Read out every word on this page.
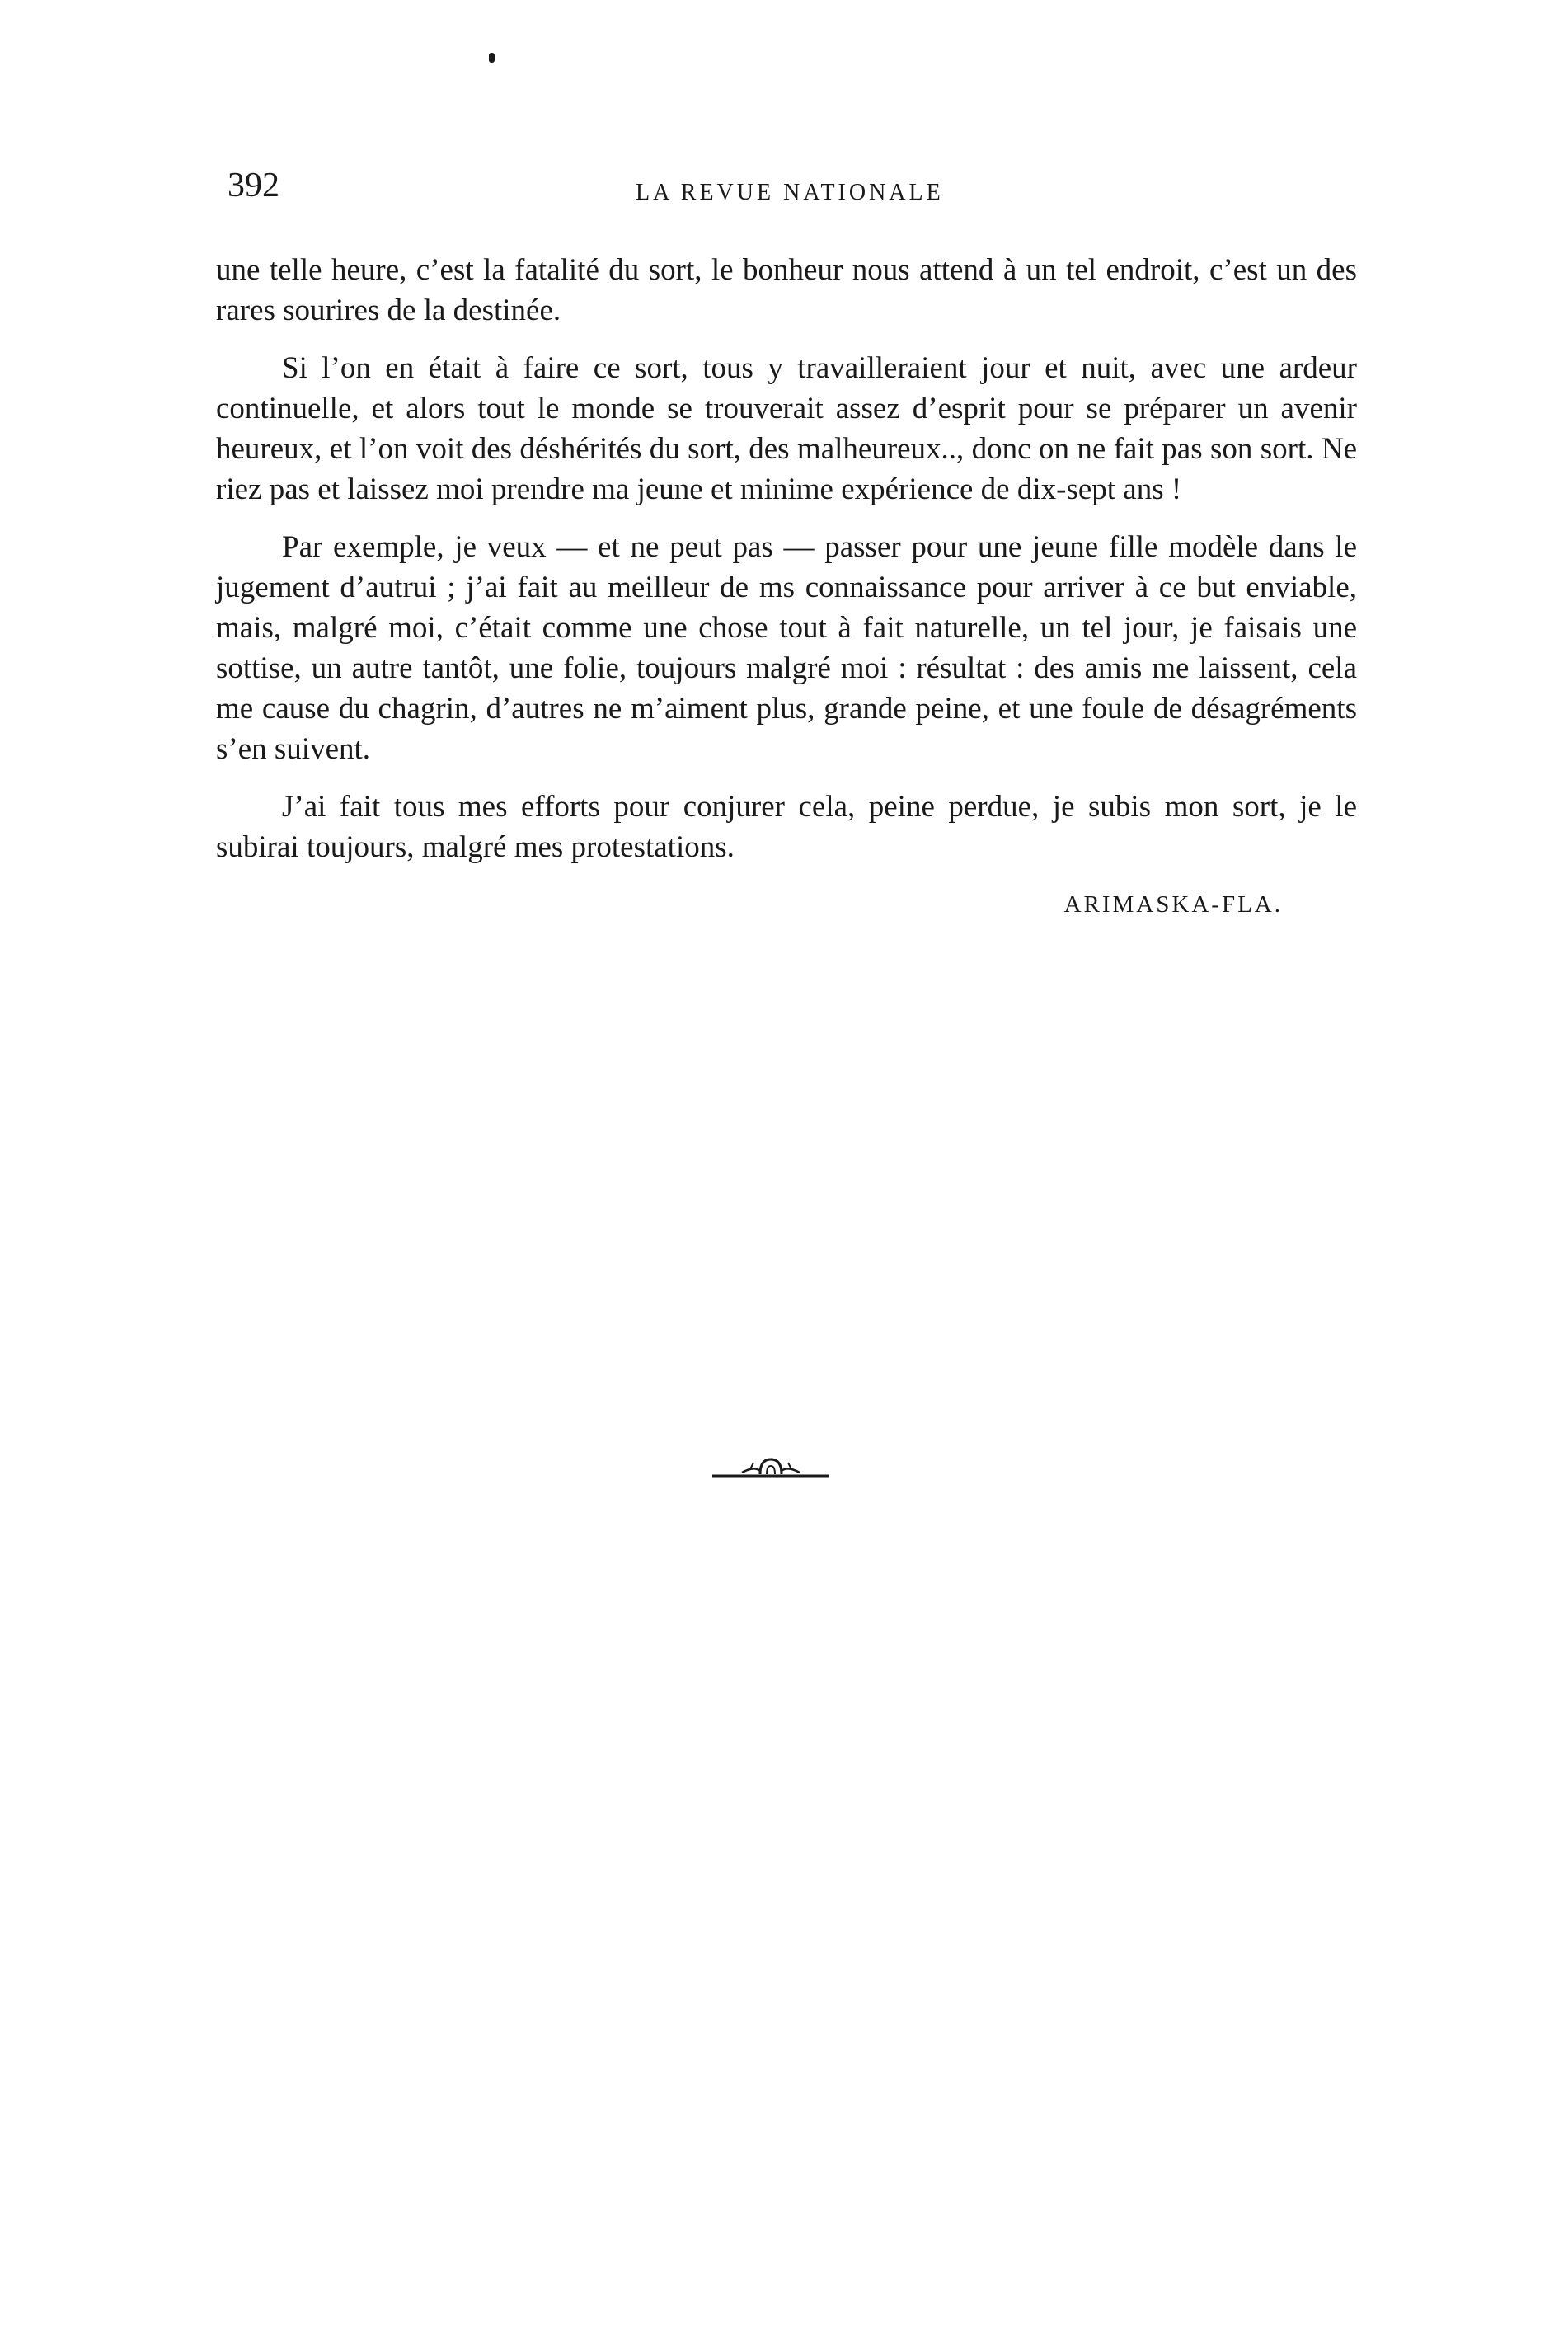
392	LA REVUE NATIONALE

une telle heure, c’est la fatalité du sort, le bonheur nous attend à un tel endroit, c’est un des rares sourires de la destinée.

Si l’on en était à faire ce sort, tous y travailleraient jour et nuit, avec une ardeur continuelle, et alors tout le monde se trouverait assez d’esprit pour se préparer un avenir heureux, et l’on voit des déshérités du sort, des malheureux.., donc on ne fait pas son sort. Ne riez pas et laissez moi prendre ma jeune et minime expérience de dix-sept ans !

Par exemple, je veux — et ne peut pas — passer pour une jeune fille modèle dans le jugement d’autrui ; j’ai fait au meilleur de ms connaissance pour arriver à ce but enviable, mais, malgré moi, c’était comme une chose tout à fait naturelle, un tel jour, je faisais une sottise, un autre tantôt, une folie, toujours malgré moi : résultat : des amis me laissent, cela me cause du chagrin, d’autres ne m’aiment plus, grande peine, et une foule de désagréments s’en suivent.

J’ai fait tous mes efforts pour conjurer cela, peine perdue, je subis mon sort, je le subirai toujours, malgré mes protestations.

ARIMASKA-FLA.
